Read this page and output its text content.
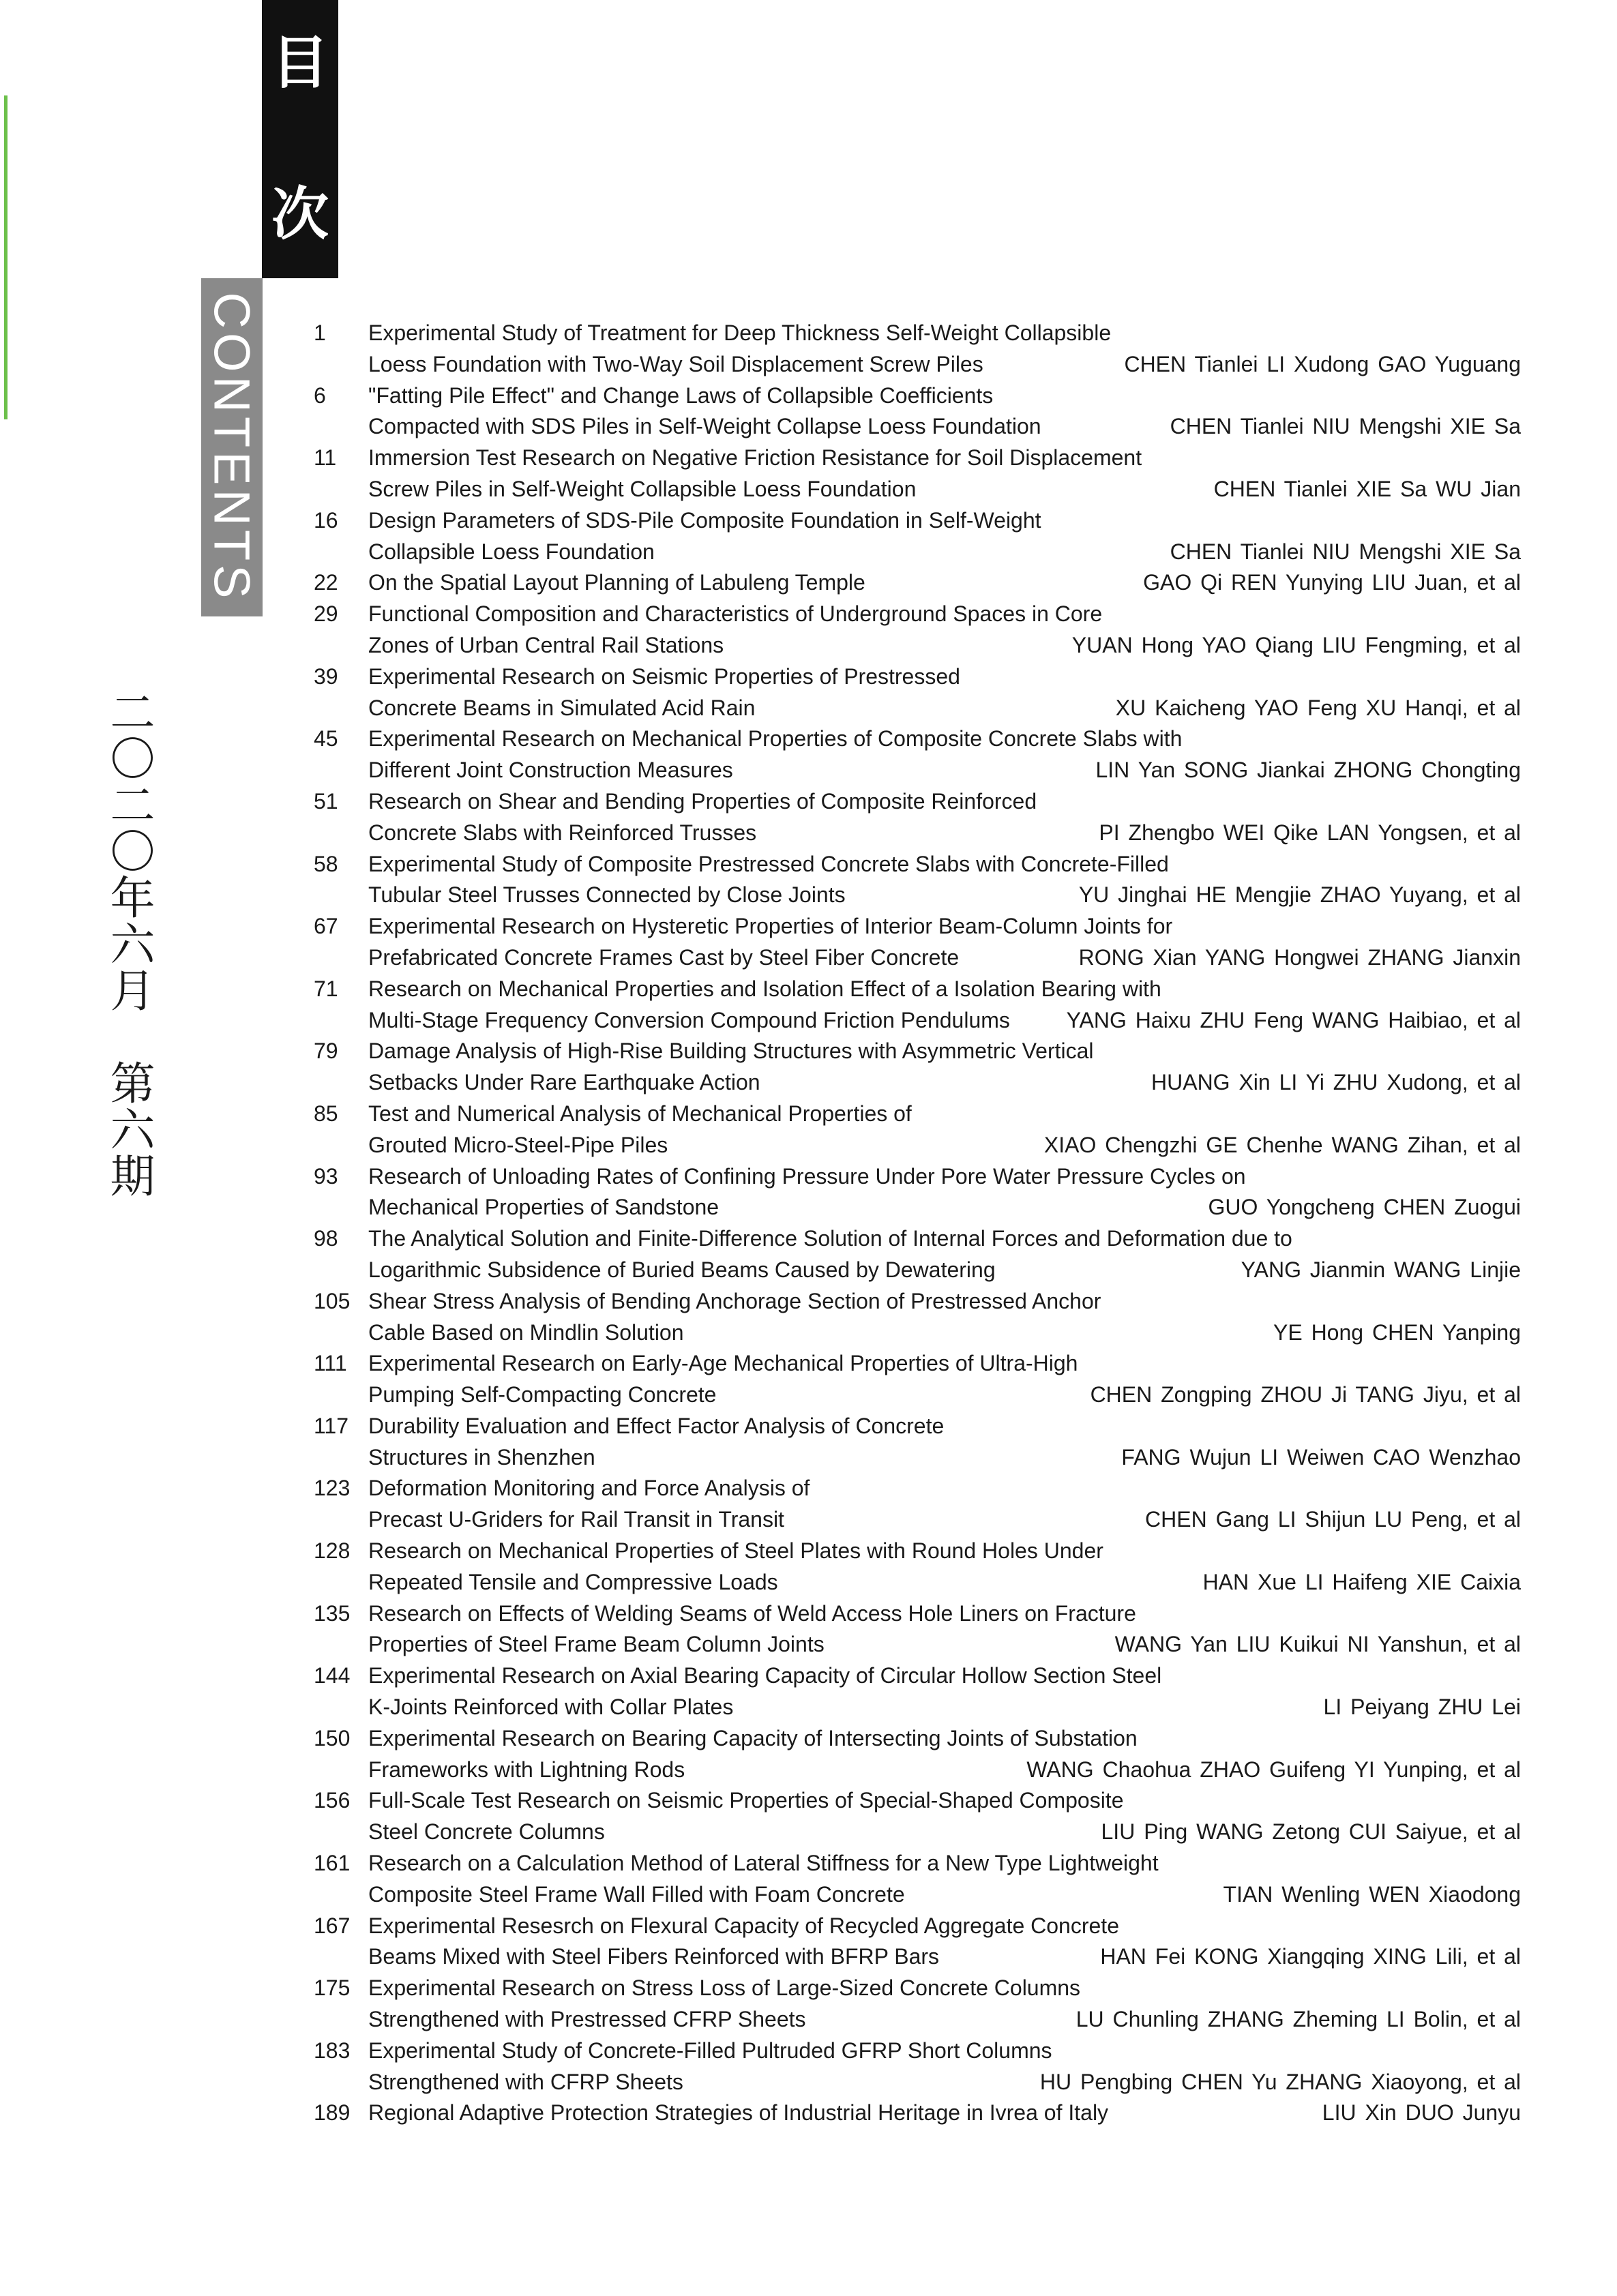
目
次
CONTENTS
二〇二〇年六月　第六期
1	Experimental Study of Treatment for Deep Thickness Self-Weight Collapsible
Loess Foundation with Two-Way Soil Displacement Screw Piles	CHEN Tianlei LI Xudong GAO Yuguang
6	"Fatting Pile Effect" and Change Laws of Collapsible Coefficients
Compacted with SDS Piles in Self-Weight Collapse Loess Foundation	CHEN Tianlei NIU Mengshi XIE Sa
11	Immersion Test Research on Negative Friction Resistance for Soil Displacement
Screw Piles in Self-Weight Collapsible Loess Foundation	CHEN Tianlei XIE Sa WU Jian
16	Design Parameters of SDS-Pile Composite Foundation in Self-Weight
Collapsible Loess Foundation	CHEN Tianlei NIU Mengshi XIE Sa
22	On the Spatial Layout Planning of Labuleng Temple	GAO Qi REN Yunying LIU Juan, et al
29	Functional Composition and Characteristics of Underground Spaces in Core
Zones of Urban Central Rail Stations	YUAN Hong YAO Qiang LIU Fengming, et al
39	Experimental Research on Seismic Properties of Prestressed
Concrete Beams in Simulated Acid Rain	XU Kaicheng YAO Feng XU Hanqi, et al
45	Experimental Research on Mechanical Properties of Composite Concrete Slabs with
Different Joint Construction Measures	LIN Yan SONG Jiankai ZHONG Chongting
51	Research on Shear and Bending Properties of Composite Reinforced
Concrete Slabs with Reinforced Trusses	PI Zhengbo WEI Qike LAN Yongsen, et al
58	Experimental Study of Composite Prestressed Concrete Slabs with Concrete-Filled
Tubular Steel Trusses Connected by Close Joints	YU Jinghai HE Mengjie ZHAO Yuyang, et al
67	Experimental Research on Hysteretic Properties of Interior Beam-Column Joints for
Prefabricated Concrete Frames Cast by Steel Fiber Concrete	RONG Xian YANG Hongwei ZHANG Jianxin
71	Research on Mechanical Properties and Isolation Effect of a Isolation Bearing with
Multi-Stage Frequency Conversion Compound Friction Pendulums	YANG Haixu ZHU Feng WANG Haibiao, et al
79	Damage Analysis of High-Rise Building Structures with Asymmetric Vertical
Setbacks Under Rare Earthquake Action	HUANG Xin LI Yi ZHU Xudong, et al
85	Test and Numerical Analysis of Mechanical Properties of
Grouted Micro-Steel-Pipe Piles	XIAO Chengzhi GE Chenhe WANG Zihan, et al
93	Research of Unloading Rates of Confining Pressure Under Pore Water Pressure Cycles on
Mechanical Properties of Sandstone	GUO Yongcheng CHEN Zuogui
98	The Analytical Solution and Finite-Difference Solution of Internal Forces and Deformation due to
Logarithmic Subsidence of Buried Beams Caused by Dewatering	YANG Jianmin WANG Linjie
105 Shear Stress Analysis of Bending Anchorage Section of Prestressed Anchor
Cable Based on Mindlin Solution	YE Hong CHEN Yanping
111 Experimental Research on Early-Age Mechanical Properties of Ultra-High
Pumping Self-Compacting Concrete	CHEN Zongping ZHOU Ji TANG Jiyu, et al
117 Durability Evaluation and Effect Factor Analysis of Concrete
Structures in Shenzhen	FANG Wujun LI Weiwen CAO Wenzhao
123 Deformation Monitoring and Force Analysis of
Precast U-Griders for Rail Transit in Transit	CHEN Gang LI Shijun LU Peng, et al
128 Research on Mechanical Properties of Steel Plates with Round Holes Under
Repeated Tensile and Compressive Loads	HAN Xue LI Haifeng XIE Caixia
135 Research on Effects of Welding Seams of Weld Access Hole Liners on Fracture
Properties of Steel Frame Beam Column Joints	WANG Yan LIU Kuikui NI Yanshun, et al
144 Experimental Research on Axial Bearing Capacity of Circular Hollow Section Steel
K-Joints Reinforced with Collar Plates	LI Peiyang ZHU Lei
150 Experimental Research on Bearing Capacity of Intersecting Joints of Substation
Frameworks with Lightning Rods	WANG Chaohua ZHAO Guifeng YI Yunping, et al
156 Full-Scale Test Research on Seismic Properties of Special-Shaped Composite
Steel Concrete Columns	LIU Ping WANG Zetong CUI Saiyue, et al
161 Research on a Calculation Method of Lateral Stiffness for a New Type Lightweight
Composite Steel Frame Wall Filled with Foam Concrete	TIAN Wenling WEN Xiaodong
167 Experimental Resesrch on Flexural Capacity of Recycled Aggregate Concrete
Beams Mixed with Steel Fibers Reinforced with BFRP Bars	HAN Fei KONG Xiangqing XING Lili, et al
175 Experimental Research on Stress Loss of Large-Sized Concrete Columns
Strengthened with Prestressed CFRP Sheets	LU Chunling ZHANG Zheming LI Bolin, et al
183 Experimental Study of Concrete-Filled Pultruded GFRP Short Columns
Strengthened with CFRP Sheets	HU Pengbing CHEN Yu ZHANG Xiaoyong, et al
189 Regional Adaptive Protection Strategies of Industrial Heritage in Ivrea of Italy	LIU Xin DUO Junyu
